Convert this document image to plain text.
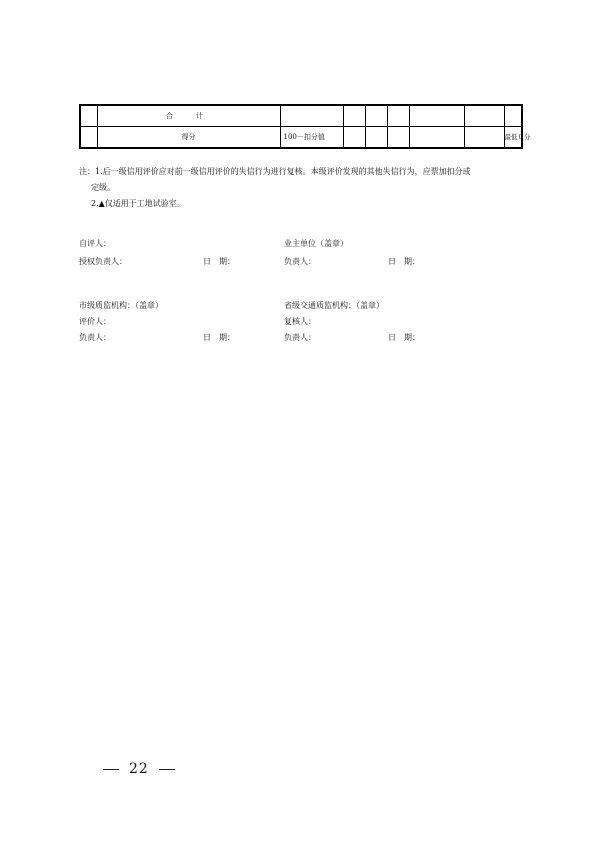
	合　计							
	得分	100－扣分值						最低０分
注：1.后一级信用评价应对前一级信用评价的失信行为进行复核。本级评价发现的其他失信行为，应票加扣分或
定级。
2.▲仅适用于工地试验室。
自评人：	业主单位（盖章）
授权负责人：	日　期：	负责人：	日　期：
市级质监机构：（盖章）	省级交通质监机构：（盖章）
评价人：	复核人：
负责人：	日　期：	负责人：	日　期：
22
